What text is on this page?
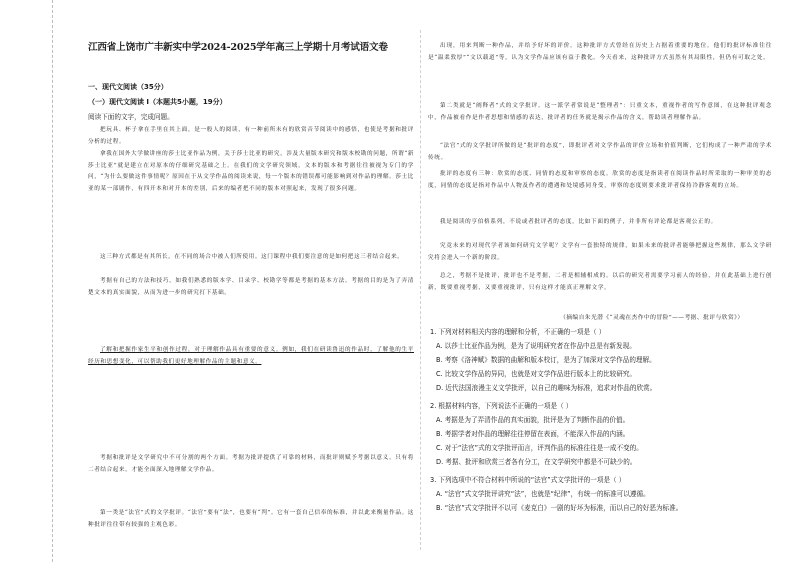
江西省上饶市广丰新实中学2024-2025学年高三上学期十月考试语文卷
一、现代文阅读（35分）
（一）现代文阅读 I（本题共5小题，19分）
阅读下面的文字，完成问题。
把玩具、杯子拿在手里在其上面，是一般人的阅读，有一种前所未有的欣赏音节阅读中的感悟，也使是考据和批评分析的过程。
拿我在国外大学做讲座的莎士比亚作品为例，关于莎士比亚的研究，涉及大量版本研究和版本校勘的问题，所谓“新莎士比亚”就是建立在对原本的仔细研究基础之上。在我们的文学研究领域，文本的版本和考据往往被视为专门的学问，“为什么要做这件事情呢？原因在于从文学作品的阅读来说，每一个版本的错误都可能影响到对作品的理解。莎士比亚的某一部剧作，有四开本和对开本的差别，后来的编者把不同的版本对照起来，发现了很多问题。
这三种方式都是有其所长，在不同的场合中被人们所使用。这门课程中我们要注意的是如何把这三者结合起来。
考据有自己的方法和技巧，如我们熟悉的版本学、目录学、校勘学等都是考据的基本方法。考据的目的是为了弄清楚文本的真实面貌，从而为进一步的研究打下基础。
了解和把握作家生平和创作过程，对于理解作品具有重要的意义。例如，我们在研读鲁迅的作品时，了解他的生平经历和思想变化，可以帮助我们更好地理解作品的主题和意义。
考据和批评是文学研究中不可分割的两个方面。考据为批评提供了可靠的材料，而批评则赋予考据以意义。只有将二者结合起来，才能全面深入地理解文学作品。
第一类是“法官”式的文学批评。“法官”要有“法”，也要有“判”。它有一套自己信奉的标准，并以此来衡量作品。这种批评往往带有较强的主观色彩。
出现，用来判断一种作品，并给予好坏的评价。这种批评方式曾经在历史上占据着重要的地位。他们的批评标准往往是“温柔敦厚”“文以载道”等，认为文学作品应该有益于教化。今天看来，这种批评方式虽然有其局限性，但仍有可取之处。
第二类就是“阐释者”式的文学批评。这一派学者常说是“整理者”：只重文本，重视作者的写作意图，在这种批评观念中，作品被看作是作者思想和情感的表达，批评者的任务就是揭示作品的含义，帮助读者理解作品。
“法官”式的文学批评所做的是“批评的态度”，即批评者对文学作品的评价立场和价值判断，它们构成了一种严肃的学术传统。
批评的态度有三种：欣赏的态度、同情的态度和审察的态度。欣赏的态度是指读者在阅读作品时所采取的一种审美的态度，同情的态度是指对作品中人物及作者的遭遇和处境感同身受，审察的态度则要求批评者保持冷静客观的立场。
我是阅读的亨伯格系列，不说或者批评者的态度，比如下面的例子，并非所有评论都是客观公正的。
究竟未来的对现代学者该如何研究文学呢？文学有一套独特的规律，如果未来的批评者能够把握这些规律，那么文学研究将会进入一个新的阶段。
总之，考据不是批评，批评也不是考据，二者是相辅相成的。以后的研究者需要学习前人的经验，并在此基础上进行创新，既要重视考据，又要重视批评，只有这样才能真正理解文学。
（摘编自朱光潜《“灵魂在杰作中的冒险”——考据、批评与欣赏》）
1. 下列对材料相关内容的理解和分析，不正确的一项是（ ）
A. 以莎士比亚作品为例，是为了说明研究者在作品中总是有新发现。
B. 考察《洛神赋》数据的曲解和版本校订，是为了加深对文学作品的理解。
C. 比较文学作品的异同，也就是对文学作品进行版本上的比较研究。
D. 近代法国浪漫主义文学批评，以自己的趣味为标准，追求对作品的欣赏。
2. 根据材料内容，下列说法不正确的一项是（ ）
A. 考据是为了弄清作品的真实面貌，批评是为了判断作品的价值。
B. 考据学者对作品的理解往往停留在表面，不能深入作品的内涵。
C. 对于“法官”式的文学批评而言，评判作品的标准往往是一成不变的。
D. 考据、批评和欣赏三者各有分工，在文学研究中都是不可缺少的。
3. 下列选项中不符合材料中所说的“法官”式文学批评的一项是（ ）
A. “法官”式文学批评讲究“法”，也就是“纪律”，有统一的标准可以遵循。
B. “法官”式文学批评不以可《麦克白》一剧的好坏为标准，而以自己的好恶为标准。
